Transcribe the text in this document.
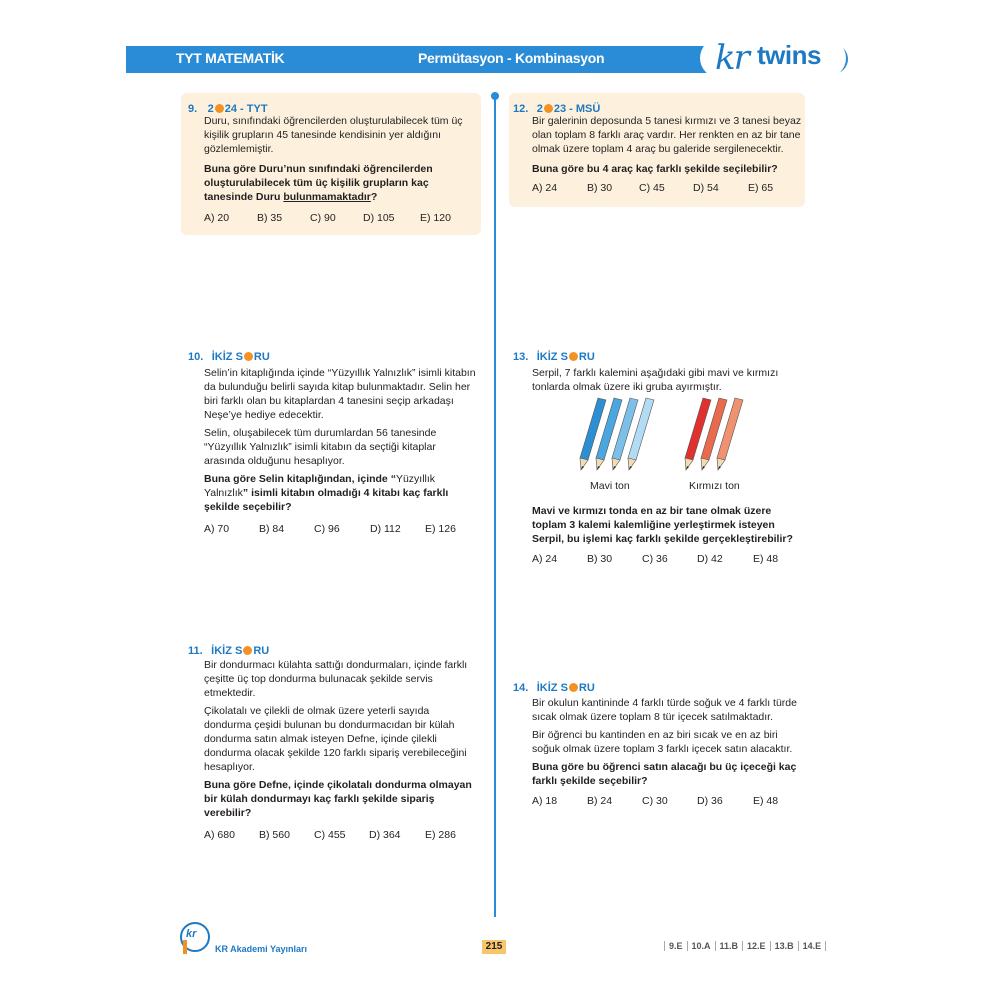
TYT MATEMATİK	Permütasyon - Kombinasyon	kr twins
9. 2 24 - TYT

Duru, sınıfındaki öğrencilerden oluşturulabilecek tüm üç kişilik grupların 45 tanesinde kendisinin yer aldığını gözlemlemiştir.

Buna göre Duru’nun sınıfındaki öğrencilerden oluşturulabilecek tüm üç kişilik grupların kaç tanesinde Duru bulunmamaktadır?

A) 20	B) 35	C) 90	D) 105	E) 120
12. 2 23 - MSÜ

Bir galerinin deposunda 5 tanesi kırmızı ve 3 tanesi beyaz olan toplam 8 farklı araç vardır. Her renkten en az bir tane olmak üzere toplam 4 araç bu galeride sergilenecektir.

Buna göre bu 4 araç kaç farklı şekilde seçilebilir?

A) 24	B) 30	C) 45	D) 54	E) 65
10. İKİZ S RU

Selin’in kitaplığında içinde “Yüzyıllık Yalnızlık” isimli kitabın da bulunduğu belirli sayıda kitap bulunmaktadır. Selin her biri farklı olan bu kitaplardan 4 tanesini seçip arkadaşı Neşe’ye hediye edecektir.

Selin, oluşabilecek tüm durumlardan 56 tanesinde “Yüzyıllık Yalnızlık” isimli kitabın da seçtiği kitaplar arasında olduğunu hesaplıyor.

Buna göre Selin kitaplığından, içinde “Yüzyıllık Yalnızlık” isimli kitabın olmadığı 4 kitabı kaç farklı şekilde seçebilir?

A) 70	B) 84	C) 96	D) 112	E) 126
13. İKİZ S RU

Serpil, 7 farklı kalemini aşağıdaki gibi mavi ve kırmızı tonlarda olmak üzere iki gruba ayırmıştır.

Mavi ton	Kırmızı ton

Mavi ve kırmızı tonda en az bir tane olmak üzere toplam 3 kalemi kalemliğine yerleştirmek isteyen Serpil, bu işlemi kaç farklı şekilde gerçekleştirebilir?

A) 24	B) 30	C) 36	D) 42	E) 48
11. İKİZ S RU

Bir dondurmacı külahta sattığı dondurmaları, içinde farklı çeşitte üç top dondurma bulunacak şekilde servis etmektedir.

Çikolatalı ve çilekli de olmak üzere yeterli sayıda dondurma çeşidi bulunan bu dondurmacıdan bir külah dondurma satın almak isteyen Defne, içinde çilekli dondurma olacak şekilde 120 farklı sipariş verebileceğini hesaplıyor.

Buna göre Defne, içinde çikolatalı dondurma olmayan bir külah dondurmayı kaç farklı şekilde sipariş verebilir?

A) 680	B) 560	C) 455	D) 364	E) 286
14. İKİZ S RU

Bir okulun kantininde 4 farklı türde soğuk ve 4 farklı türde sıcak olmak üzere toplam 8 tür içecek satılmaktadır.

Bir öğrenci bu kantinden en az biri sıcak ve en az biri soğuk olmak üzere toplam 3 farklı içecek satın alacaktır.

Buna göre bu öğrenci satın alacağı bu üç içeceği kaç farklı şekilde seçebilir?

A) 18	B) 24	C) 30	D) 36	E) 48
kr
KR Akademi Yayınları	215	9.E	10.A	11.B	12.E	13.B	14.E
